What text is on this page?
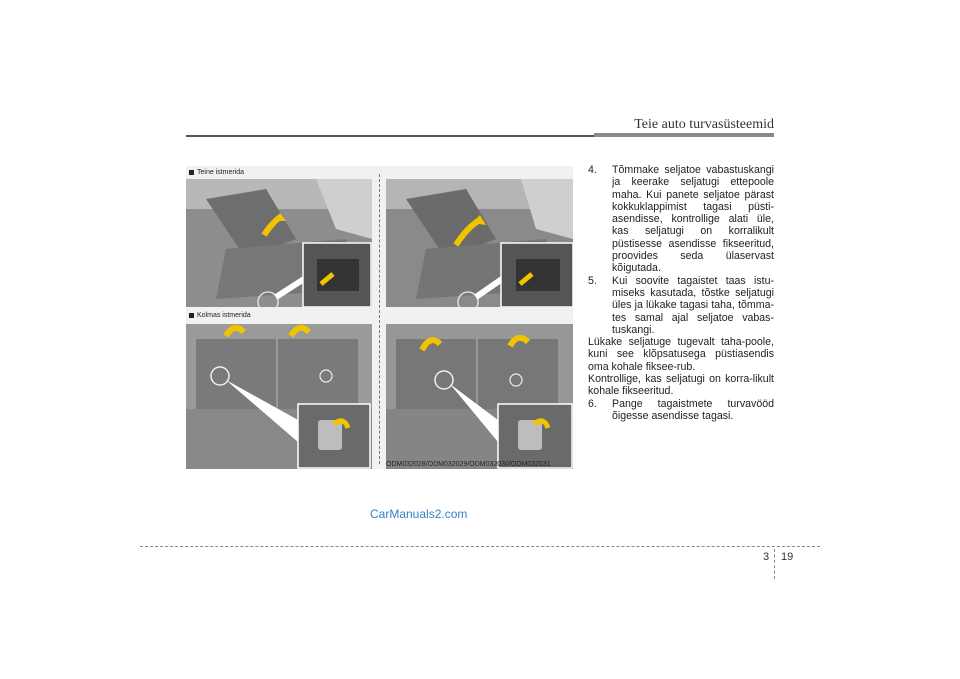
Teie auto turvasüsteemid
Teine istmerida
Kolmas istmerida
ODM032028/ODM032029/ODM032030/ODM032031
4.	Tõmmake seljatoe vabastuskangi ja keerake seljatugi ettepoole maha. Kui panete seljatoe pärast kokkuklappimist tagasi püsti-asendisse, kontrollige alati üle, kas seljatugi on korralikult püstisesse asendisse fikseeritud, proovides seda ülaservast kõigutada.

5.	Kui soovite tagaistet taas istu-miseks kasutada, tõstke seljatugi üles ja lükake tagasi taha, tõmma-tes samal ajal seljatoe vabas-tuskangi.

Lükake seljatuge tugevalt taha-poole, kuni see klõpsatusega püstiasendis oma kohale fiksee-rub.

Kontrollige, kas seljatugi on korra-likult kohale fikseeritud.

6.	Pange tagaistmete turvavööd õigesse asendisse tagasi.

CarManuals2.com
3 19
